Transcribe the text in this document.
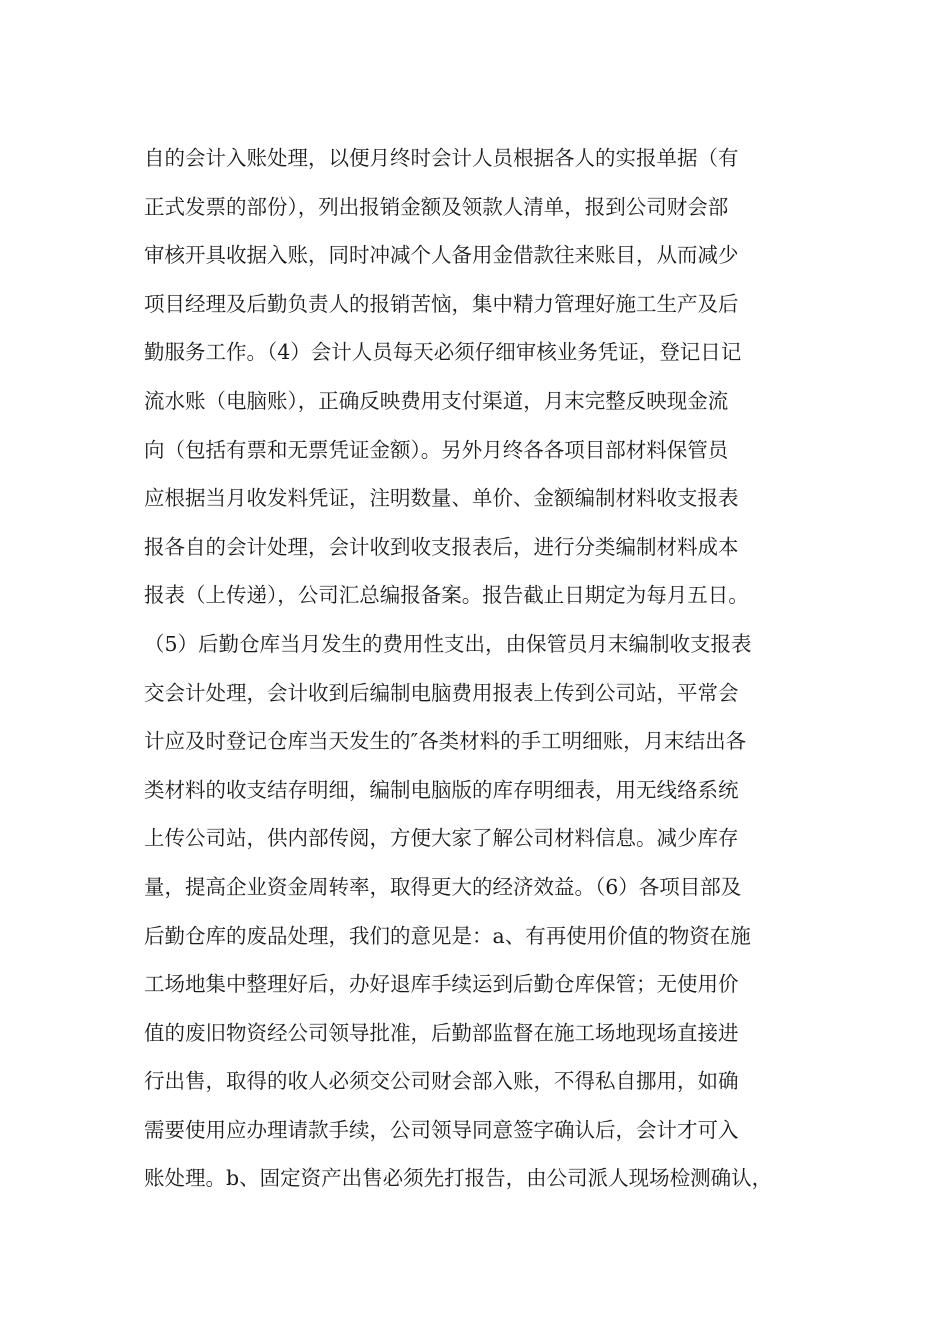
自的会计入账处理，以便月终时会计人员根据各人的实报单据（有
正式发票的部份），列出报销金额及领款人清单，报到公司财会部
审核开具收据入账，同时冲减个人备用金借款往来账目，从而减少
项目经理及后勤负责人的报销苦恼，集中精力管理好施工生产及后
勤服务工作。（4）会计人员每天必须仔细审核业务凭证，登记日记
流水账（电脑账），正确反映费用支付渠道，月末完整反映现金流
向（包括有票和无票凭证金额）。另外月终各各项目部材料保管员
应根据当月收发料凭证，注明数量、单价、金额编制材料收支报表
报各自的会计处理，会计收到收支报表后，进行分类编制材料成本
报表（上传递），公司汇总编报备案。报告截止日期定为每月五日。
（5）后勤仓库当月发生的费用性支出，由保管员月末编制收支报表
交会计处理，会计收到后编制电脑费用报表上传到公司站，平常会
计应及时登记仓库当天发生的″各类材料的手工明细账，月末结出各
类材料的收支结存明细，编制电脑版的库存明细表，用无线络系统
上传公司站，供内部传阅，方便大家了解公司材料信息。减少库存
量，提高企业资金周转率，取得更大的经济效益。（6）各项目部及
后勤仓库的废品处理，我们的意见是：a、有再使用价值的物资在施
工场地集中整理好后，办好退库手续运到后勤仓库保管；无使用价
值的废旧物资经公司领导批准，后勤部监督在施工场地现场直接进
行出售，取得的收人必须交公司财会部入账，不得私自挪用，如确
需要使用应办理请款手续，公司领导同意签字确认后，会计才可入
账处理。b、固定资产出售必须先打报告，由公司派人现场检测确认，
